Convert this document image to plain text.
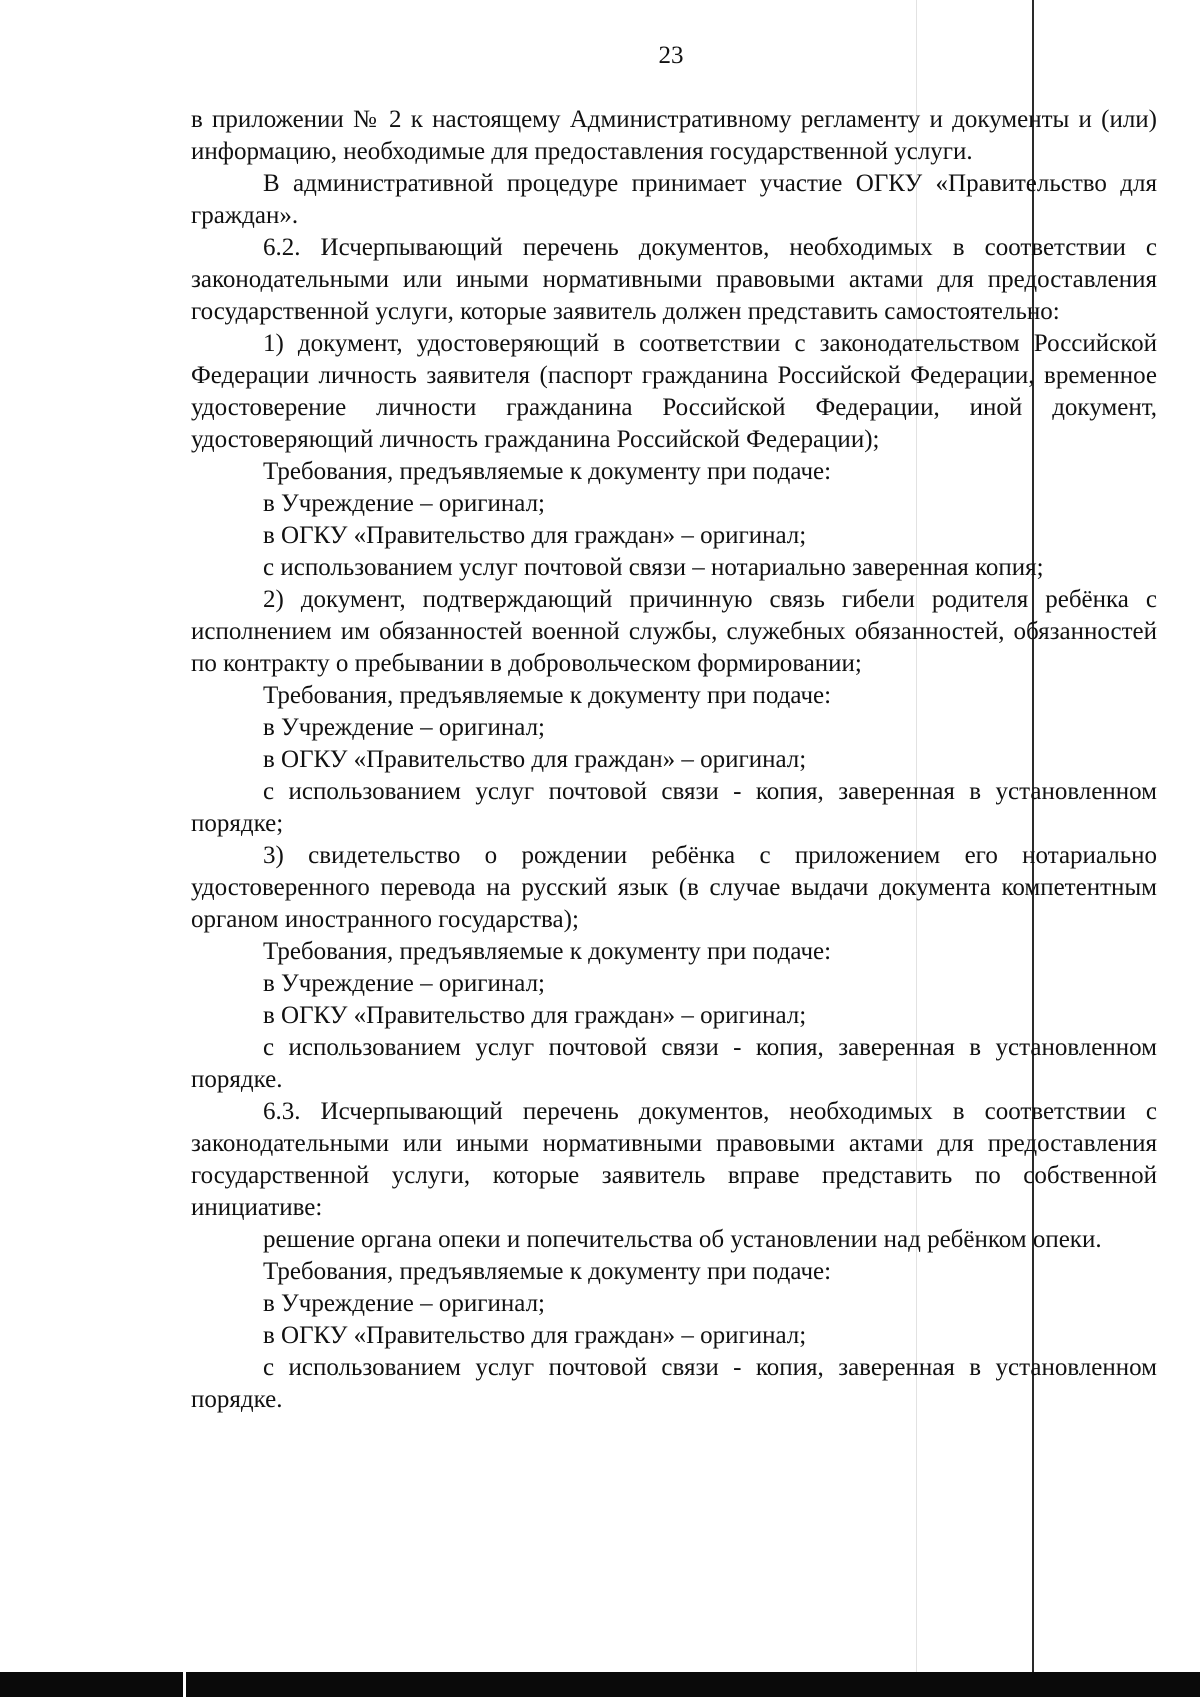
23

в приложении № 2 к настоящему Административному регламенту и документы и (или) информацию, необходимые для предоставления государственной услуги.

В административной процедуре принимает участие ОГКУ «Правительство для граждан».

6.2. Исчерпывающий перечень документов, необходимых в соответствии с законодательными или иными нормативными правовыми актами для предоставления государственной услуги, которые заявитель должен представить самостоятельно:

1) документ, удостоверяющий в соответствии с законодательством Российской Федерации личность заявителя (паспорт гражданина Российской Федерации, временное удостоверение личности гражданина Российской Федерации, иной документ, удостоверяющий личность гражданина Российской Федерации);

Требования, предъявляемые к документу при подаче:

в Учреждение – оригинал;

в ОГКУ «Правительство для граждан» – оригинал;

с использованием услуг почтовой связи – нотариально заверенная копия;

2) документ, подтверждающий причинную связь гибели родителя ребёнка с исполнением им обязанностей военной службы, служебных обязанностей, обязанностей по контракту о пребывании в добровольческом формировании;

Требования, предъявляемые к документу при подаче:

в Учреждение – оригинал;

в ОГКУ «Правительство для граждан» – оригинал;

с использованием услуг почтовой связи - копия, заверенная в установленном порядке;

3) свидетельство о рождении ребёнка с приложением его нотариально удостоверенного перевода на русский язык (в случае выдачи документа компетентным органом иностранного государства);

Требования, предъявляемые к документу при подаче:

в Учреждение – оригинал;

в ОГКУ «Правительство для граждан» – оригинал;

с использованием услуг почтовой связи - копия, заверенная в установленном порядке.

6.3. Исчерпывающий перечень документов, необходимых в соответствии с законодательными или иными нормативными правовыми актами для предоставления государственной услуги, которые заявитель вправе представить по собственной инициативе:

решение органа опеки и попечительства об установлении над ребёнком опеки.

Требования, предъявляемые к документу при подаче:

в Учреждение – оригинал;

в ОГКУ «Правительство для граждан» – оригинал;

с использованием услуг почтовой связи - копия, заверенная в установленном порядке.
